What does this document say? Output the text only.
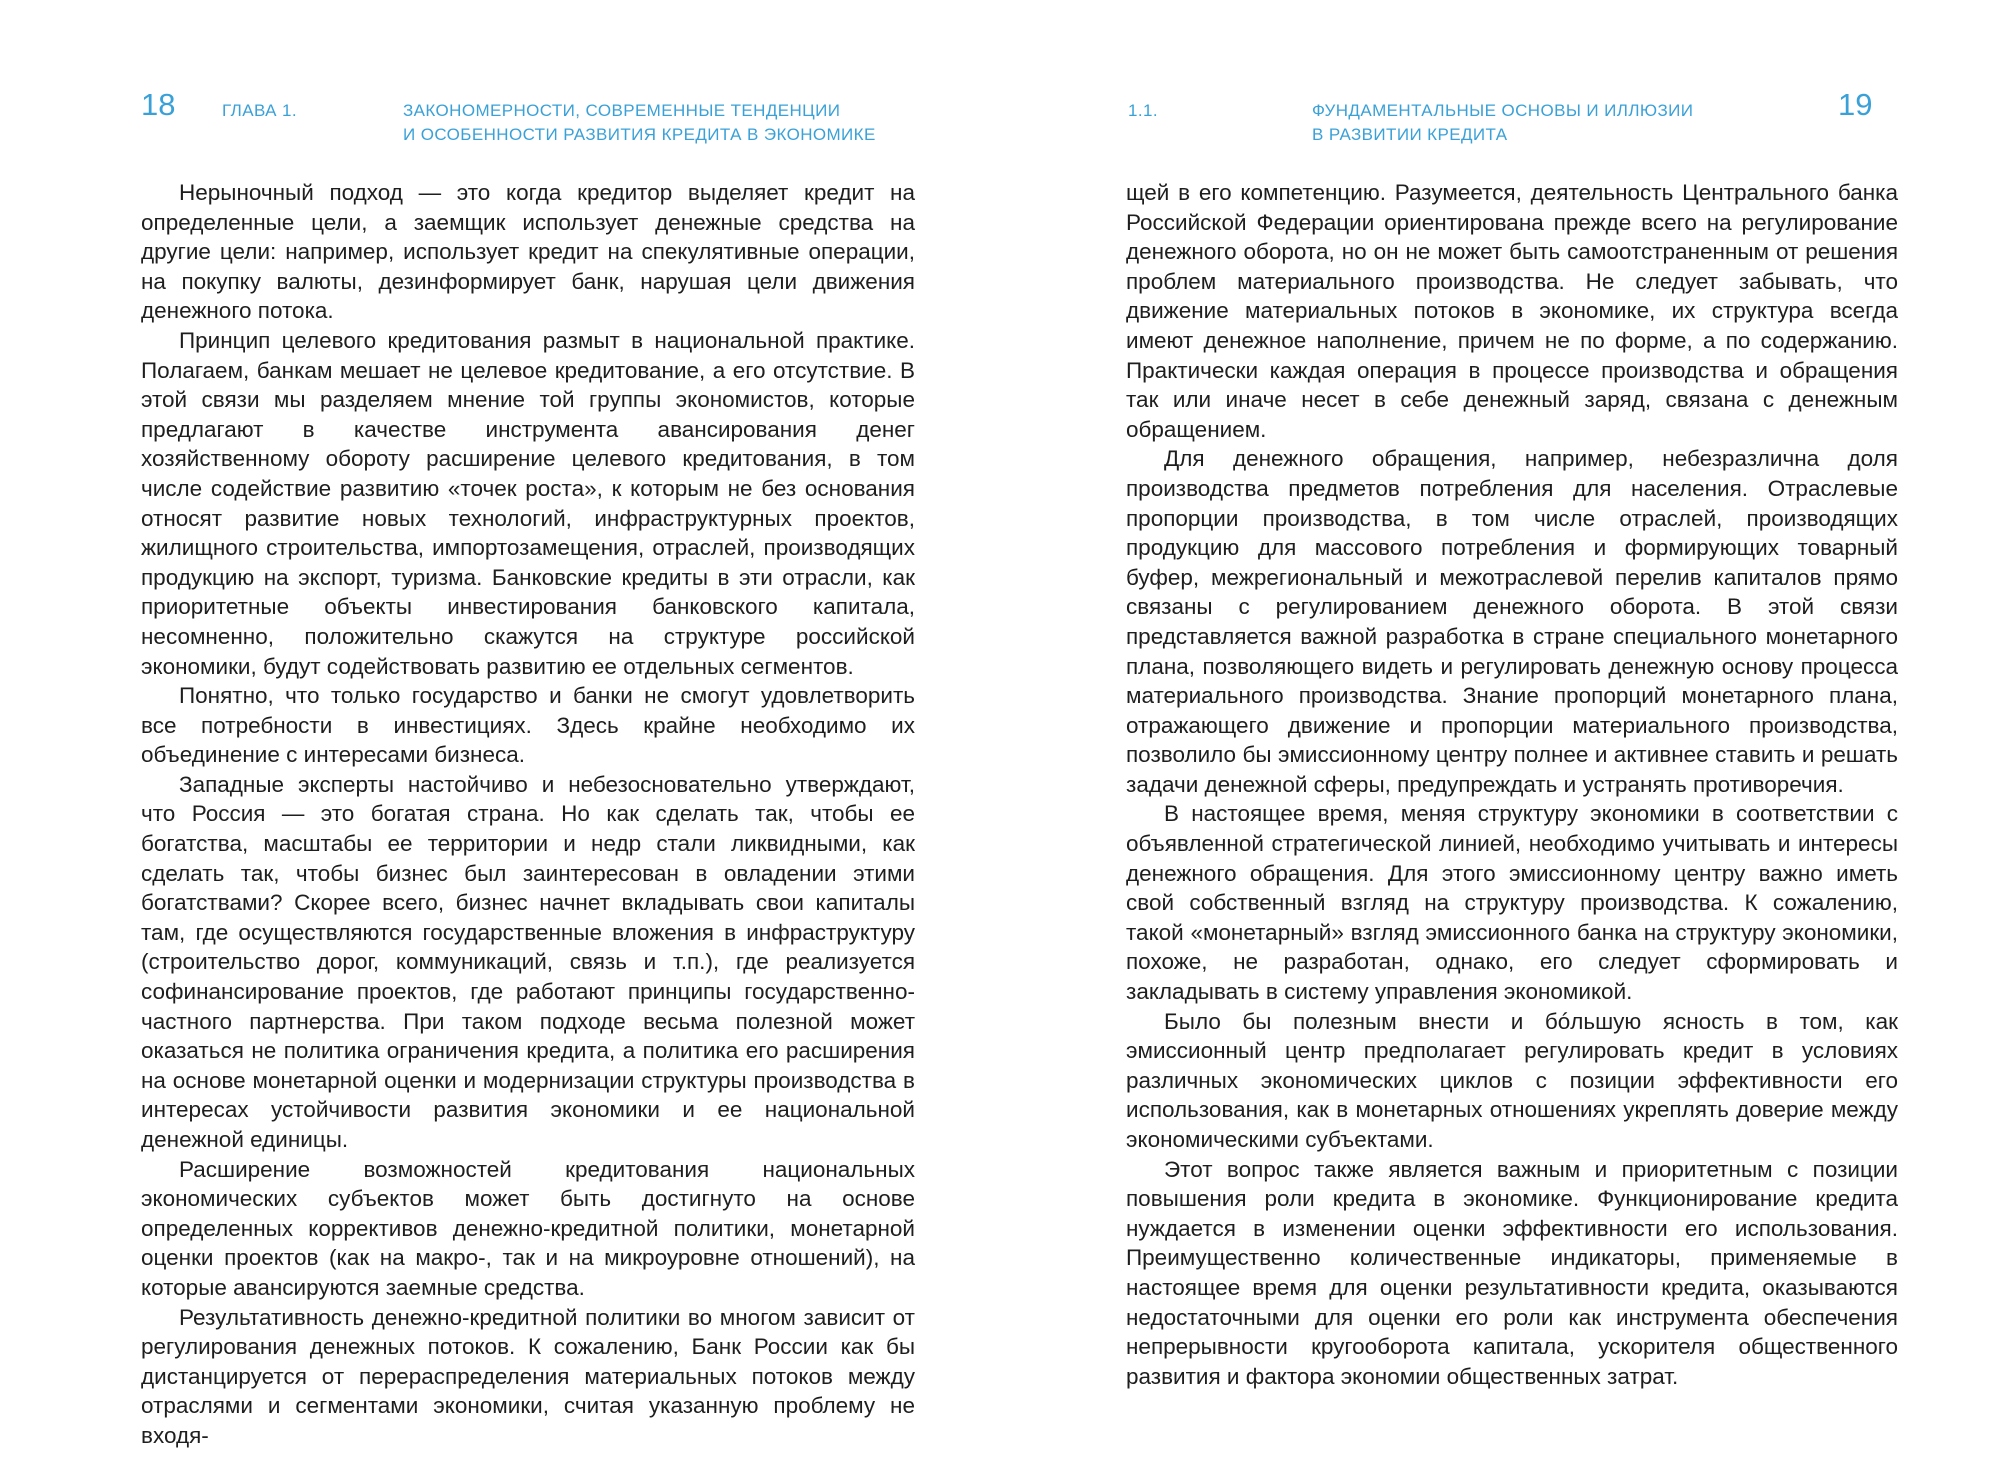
18	ГЛАВА 1.	ЗАКОНОМЕРНОСТИ, СОВРЕМЕННЫЕ ТЕНДЕНЦИИ
И ОСОБЕННОСТИ РАЗВИТИЯ КРЕДИТА В ЭКОНОМИКЕ

Нерыночный подход — это когда кредитор выделяет кредит на определенные цели, а заемщик использует денежные средства на другие цели: например, использует кредит на спекулятивные операции, на покупку валюты, дезинформирует банк, нарушая цели движения денежного потока.

Принцип целевого кредитования размыт в национальной практике. Полагаем, банкам мешает не целевое кредитование, а его отсутствие. В этой связи мы разделяем мнение той группы экономистов, которые предлагают в качестве инструмента авансирования денег хозяйственному обороту расширение целевого кредитования, в том числе содействие развитию «точек роста», к которым не без основания относят развитие новых технологий, инфраструктурных проектов, жилищного строительства, импортозамещения, отраслей, производящих продукцию на экспорт, туризма. Банковские кредиты в эти отрасли, как приоритетные объекты инвестирования банковского капитала, несомненно, положительно скажутся на структуре российской экономики, будут содействовать развитию ее отдельных сегментов.

Понятно, что только государство и банки не смогут удовлетворить все потребности в инвестициях. Здесь крайне необходимо их объединение с интересами бизнеса.

Западные эксперты настойчиво и небезосновательно утверждают, что Россия — это богатая страна. Но как сделать так, чтобы ее богатства, масштабы ее территории и недр стали ликвидными, как сделать так, чтобы бизнес был заинтересован в овладении этими богатствами? Скорее всего, бизнес начнет вкладывать свои капиталы там, где осуществляются государственные вложения в инфраструктуру (строительство дорог, коммуникаций, связь и т.п.), где реализуется софинансирование проектов, где работают принципы государственно-частного партнерства. При таком подходе весьма полезной может оказаться не политика ограничения кредита, а политика его расширения на основе монетарной оценки и модернизации структуры производства в интересах устойчивости развития экономики и ее национальной денежной единицы.

Расширение возможностей кредитования национальных экономических субъектов может быть достигнуто на основе определенных коррективов денежно-кредитной политики, монетарной оценки проектов (как на макро-, так и на микроуровне отношений), на которые авансируются заемные средства.

Результативность денежно-кредитной политики во многом зависит от регулирования денежных потоков. К сожалению, Банк России как бы дистанцируется от перераспределения материальных потоков между отраслями и сегментами экономики, считая указанную проблему не входя-

1.1.	ФУНДАМЕНТАЛЬНЫЕ ОСНОВЫ И ИЛЛЮЗИИ
В РАЗВИТИИ КРЕДИТА
19

щей в его компетенцию. Разумеется, деятельность Центрального банка Российской Федерации ориентирована прежде всего на регулирование денежного оборота, но он не может быть самоотстраненным от решения проблем материального производства. Не следует забывать, что движение материальных потоков в экономике, их структура всегда имеют денежное наполнение, причем не по форме, а по содержанию. Практически каждая операция в процессе производства и обращения так или иначе несет в себе денежный заряд, связана с денежным обращением.

Для денежного обращения, например, небезразлична доля производства предметов потребления для населения. Отраслевые пропорции производства, в том числе отраслей, производящих продукцию для массового потребления и формирующих товарный буфер, межрегиональный и межотраслевой перелив капиталов прямо связаны с регулированием денежного оборота. В этой связи представляется важной разработка в стране специального монетарного плана, позволяющего видеть и регулировать денежную основу процесса материального производства. Знание пропорций монетарного плана, отражающего движение и пропорции материального производства, позволило бы эмиссионному центру полнее и активнее ставить и решать задачи денежной сферы, предупреждать и устранять противоречия.

В настоящее время, меняя структуру экономики в соответствии с объявленной стратегической линией, необходимо учитывать и интересы денежного обращения. Для этого эмиссионному центру важно иметь свой собственный взгляд на структуру производства. К сожалению, такой «монетарный» взгляд эмиссионного банка на структуру экономики, похоже, не разработан, однако, его следует сформировать и закладывать в систему управления экономикой.

Было бы полезным внести и бóльшую ясность в том, как эмиссионный центр предполагает регулировать кредит в условиях различных экономических циклов с позиции эффективности его использования, как в монетарных отношениях укреплять доверие между экономическими субъектами.

Этот вопрос также является важным и приоритетным с позиции повышения роли кредита в экономике. Функционирование кредита нуждается в изменении оценки эффективности его использования. Преимущественно количественные индикаторы, применяемые в настоящее время для оценки результативности кредита, оказываются недостаточными для оценки его роли как инструмента обеспечения непрерывности кругооборота капитала, ускорителя общественного развития и фактора экономии общественных затрат.
